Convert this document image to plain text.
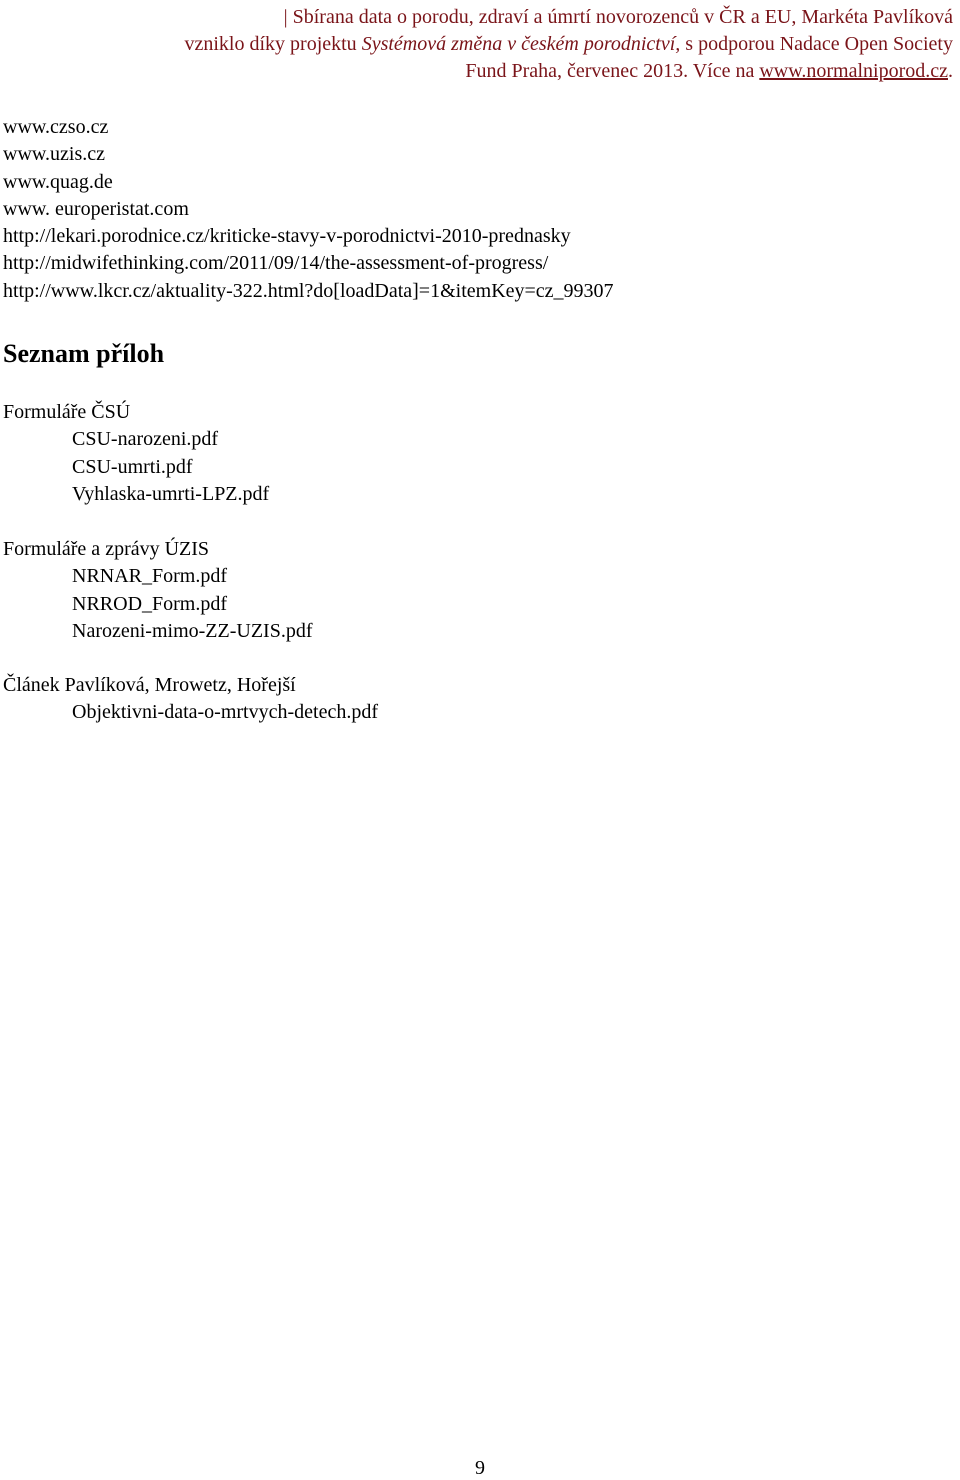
| Sbírana data o porodu, zdraví a úmrtí novorozenců v ČR a EU, Markéta Pavlíková
vzniklo díky projektu Systémová změna v českém porodnictví, s podporou Nadace Open Society
Fund Praha, červenec 2013. Více na www.normalniporod.cz.
www.czso.cz
www.uzis.cz
www.quag.de
www. europeristat.com
http://lekari.porodnice.cz/kriticke-stavy-v-porodnictvi-2010-prednasky
http://midwifethinking.com/2011/09/14/the-assessment-of-progress/
http://www.lkcr.cz/aktuality-322.html?do[loadData]=1&itemKey=cz_99307
Seznam příloh
Formuláře ČSÚ
CSU-narozeni.pdf
CSU-umrti.pdf
Vyhlaska-umrti-LPZ.pdf
Formuláře a zprávy ÚZIS
NRNAR_Form.pdf
NRROD_Form.pdf
Narozeni-mimo-ZZ-UZIS.pdf
Článek Pavlíková, Mrowetz, Hořejší
Objektivni-data-o-mrtvych-detech.pdf
9
